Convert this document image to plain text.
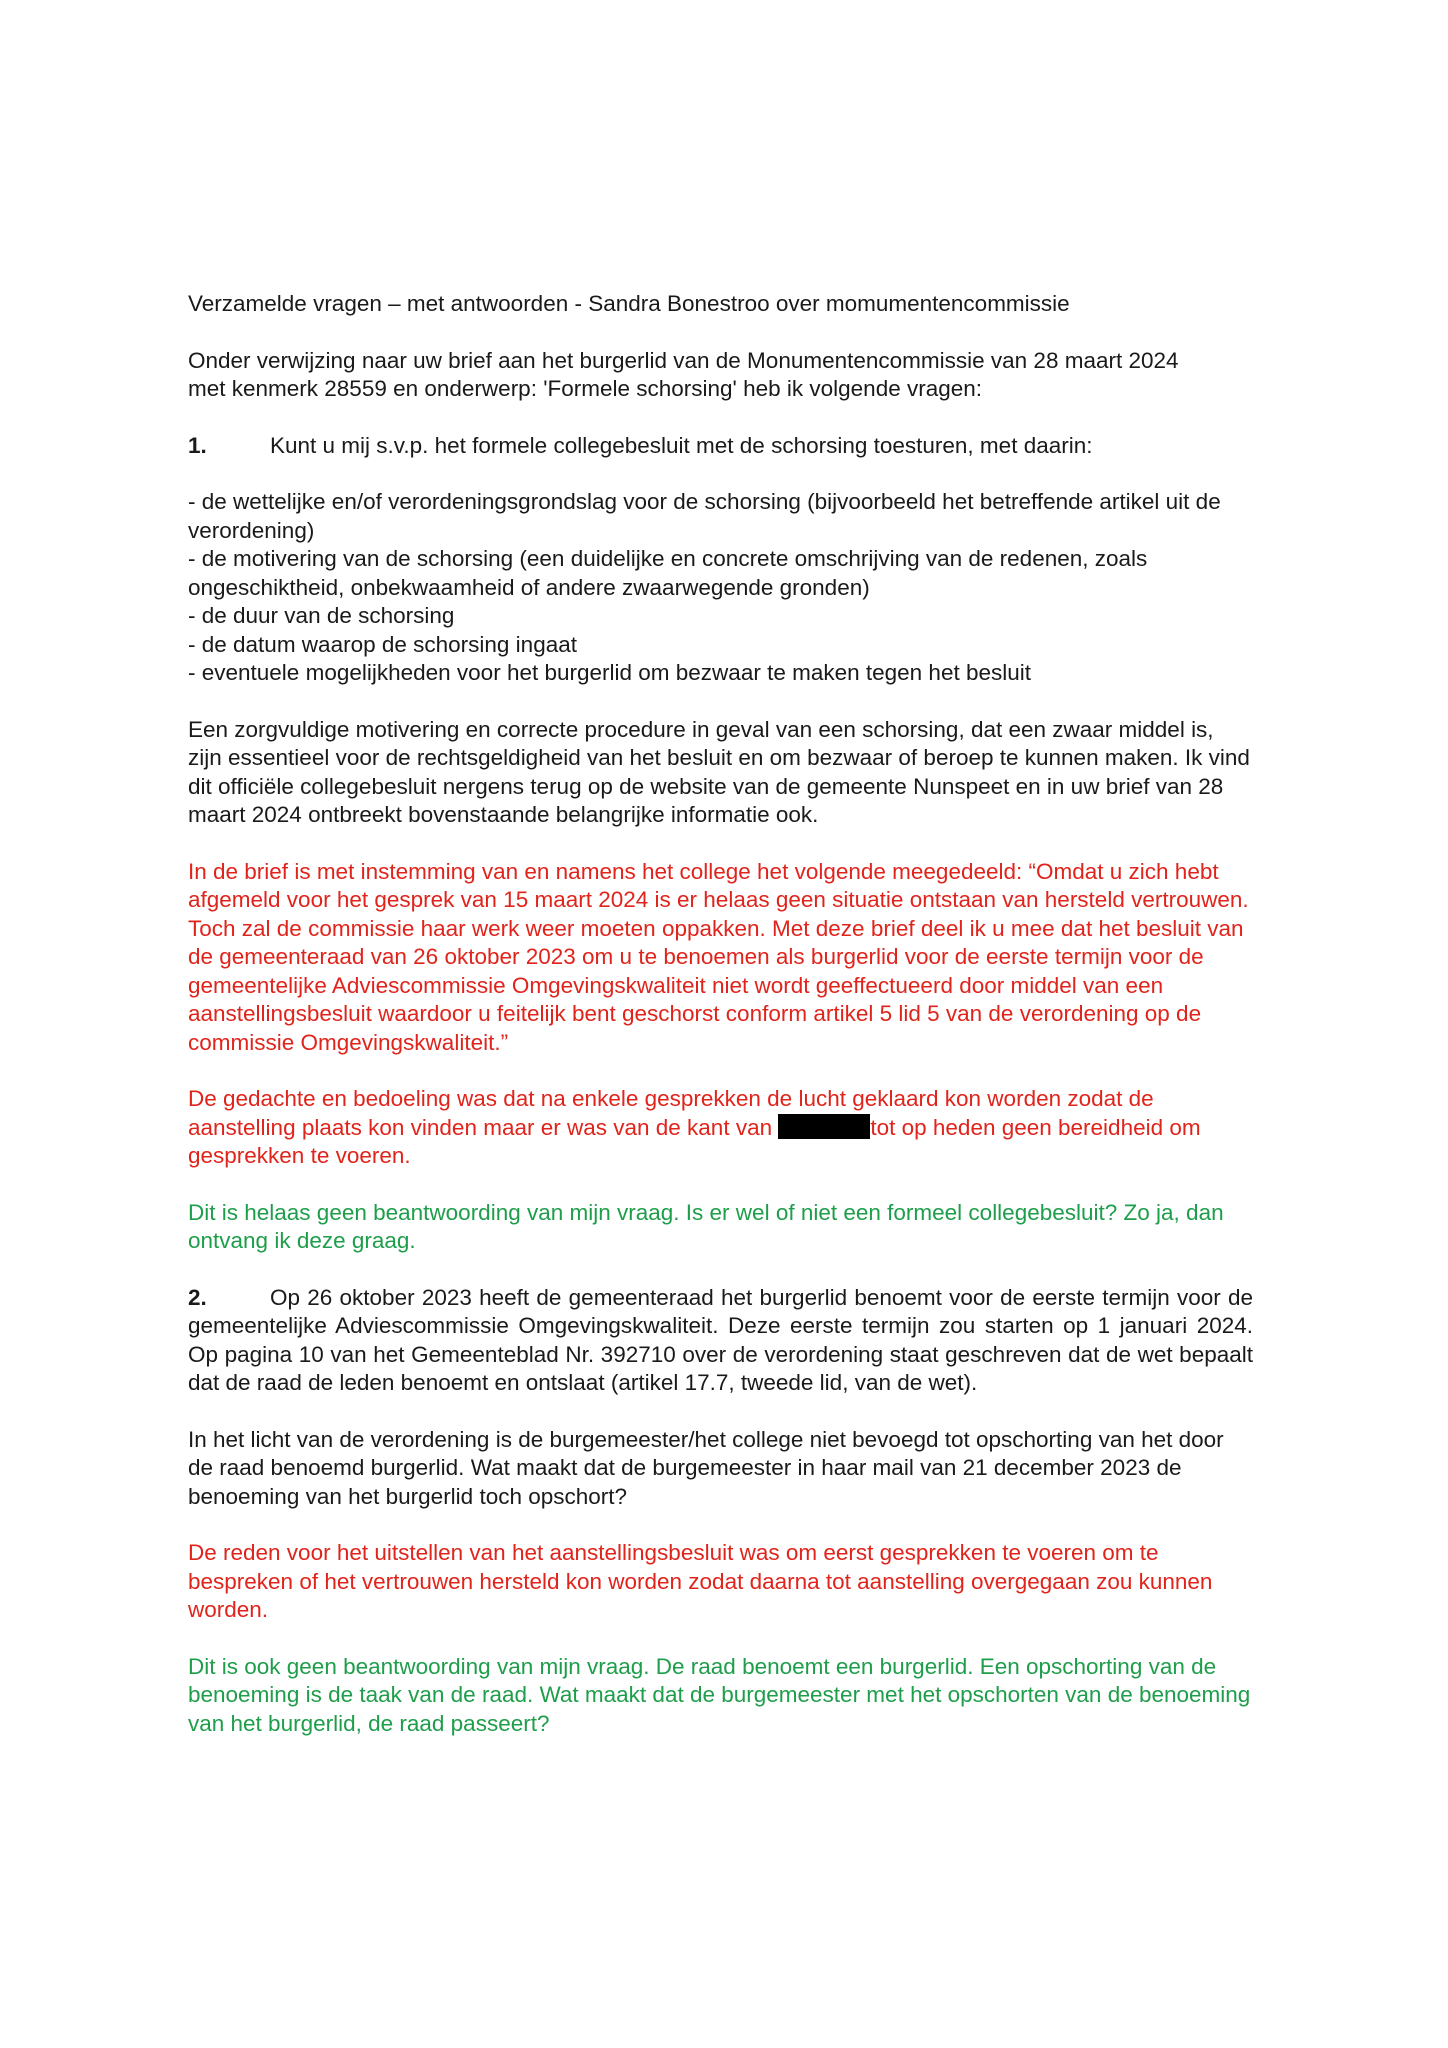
Verzamelde vragen – met antwoorden - Sandra Bonestroo over momumentencommissie

Onder verwijzing naar uw brief aan het burgerlid van de Monumentencommissie van 28 maart 2024

met kenmerk 28559 en onderwerp: 'Formele schorsing' heb ik volgende vragen:

1.	Kunt u mij s.v.p. het formele collegebesluit met de schorsing toesturen, met daarin:

- de wettelijke en/of verordeningsgrondslag voor de schorsing (bijvoorbeeld het betreffende artikel uit de verordening)

- de motivering van de schorsing (een duidelijke en concrete omschrijving van de redenen, zoals ongeschiktheid, onbekwaamheid of andere zwaarwegende gronden)

- de duur van de schorsing

- de datum waarop de schorsing ingaat

- eventuele mogelijkheden voor het burgerlid om bezwaar te maken tegen het besluit

Een zorgvuldige motivering en correcte procedure in geval van een schorsing, dat een zwaar middel is, zijn essentieel voor de rechtsgeldigheid van het besluit en om bezwaar of beroep te kunnen maken. Ik vind dit officiële collegebesluit nergens terug op de website van de gemeente Nunspeet en in uw brief van 28 maart 2024 ontbreekt bovenstaande belangrijke informatie ook.

In de brief is met instemming van en namens het college het volgende meegedeeld: “Omdat u zich hebt afgemeld voor het gesprek van 15 maart 2024 is er helaas geen situatie ontstaan van hersteld vertrouwen. Toch zal de commissie haar werk weer moeten oppakken. Met deze brief deel ik u mee dat het besluit van de gemeenteraad van 26 oktober 2023 om u te benoemen als burgerlid voor de eerste termijn voor de gemeentelijke Adviescommissie Omgevingskwaliteit niet wordt geeffectueerd door middel van een aanstellingsbesluit waardoor u feitelijk bent geschorst conform artikel 5 lid 5 van de verordening op de commissie Omgevingskwaliteit.”

De gedachte en bedoeling was dat na enkele gesprekken de lucht geklaard kon worden zodat de aanstelling plaats kon vinden maar er was van de kant van	tot op heden geen bereidheid om gesprekken te voeren.

Dit is helaas geen beantwoording van mijn vraag. Is er wel of niet een formeel collegebesluit? Zo ja, dan ontvang ik deze graag.

2.	Op 26 oktober 2023 heeft de gemeenteraad het burgerlid benoemt voor de eerste termijn voor de gemeentelijke Adviescommissie Omgevingskwaliteit. Deze eerste termijn zou starten op 1 januari 2024. Op pagina 10 van het Gemeenteblad Nr. 392710 over de verordening staat geschreven dat de wet bepaalt dat de raad de leden benoemt en ontslaat (artikel 17.7, tweede lid, van de wet).

In het licht van de verordening is de burgemeester/het college niet bevoegd tot opschorting van het door de raad benoemd burgerlid. Wat maakt dat de burgemeester in haar mail van 21 december 2023 de benoeming van het burgerlid toch opschort?

De reden voor het uitstellen van het aanstellingsbesluit was om eerst gesprekken te voeren om te bespreken of het vertrouwen hersteld kon worden zodat daarna tot aanstelling overgegaan zou kunnen worden.

Dit is ook geen beantwoording van mijn vraag. De raad benoemt een burgerlid. Een opschorting van de benoeming is de taak van de raad. Wat maakt dat de burgemeester met het opschorten van de benoeming van het burgerlid, de raad passeert?
